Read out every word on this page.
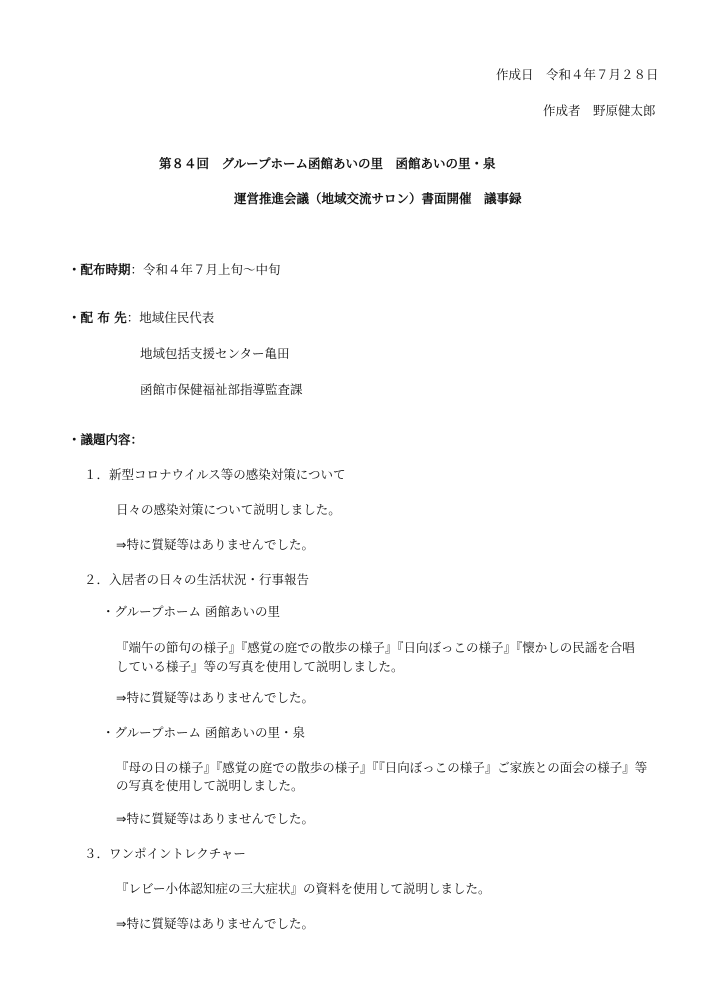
作成日　令和４年７月２８日
作成者　野原健太郎
第８４回　グループホーム函館あいの里　函館あいの里・泉
運営推進会議（地域交流サロン）書面開催　議事録
・配布時期：令和４年７月上旬～中旬
・配 布 先：地域住民代表
地域包括支援センター亀田
函館市保健福祉部指導監査課
・議題内容：
１．新型コロナウイルス等の感染対策について
日々の感染対策について説明しました。
⇒特に質疑等はありませんでした。
２．入居者の日々の生活状況・行事報告
・グループホーム 函館あいの里
『端午の節句の様子』『感覚の庭での散歩の様子』『日向ぼっこの様子』『懐かしの民謡を合唱
している様子』等の写真を使用して説明しました。
⇒特に質疑等はありませんでした。
・グループホーム 函館あいの里・泉
『母の日の様子』『感覚の庭での散歩の様子』『『日向ぼっこの様子』ご家族との面会の様子』等
の写真を使用して説明しました。
⇒特に質疑等はありませんでした。
３．ワンポイントレクチャー
『レビー小体認知症の三大症状』の資料を使用して説明しました。
⇒特に質疑等はありませんでした。
